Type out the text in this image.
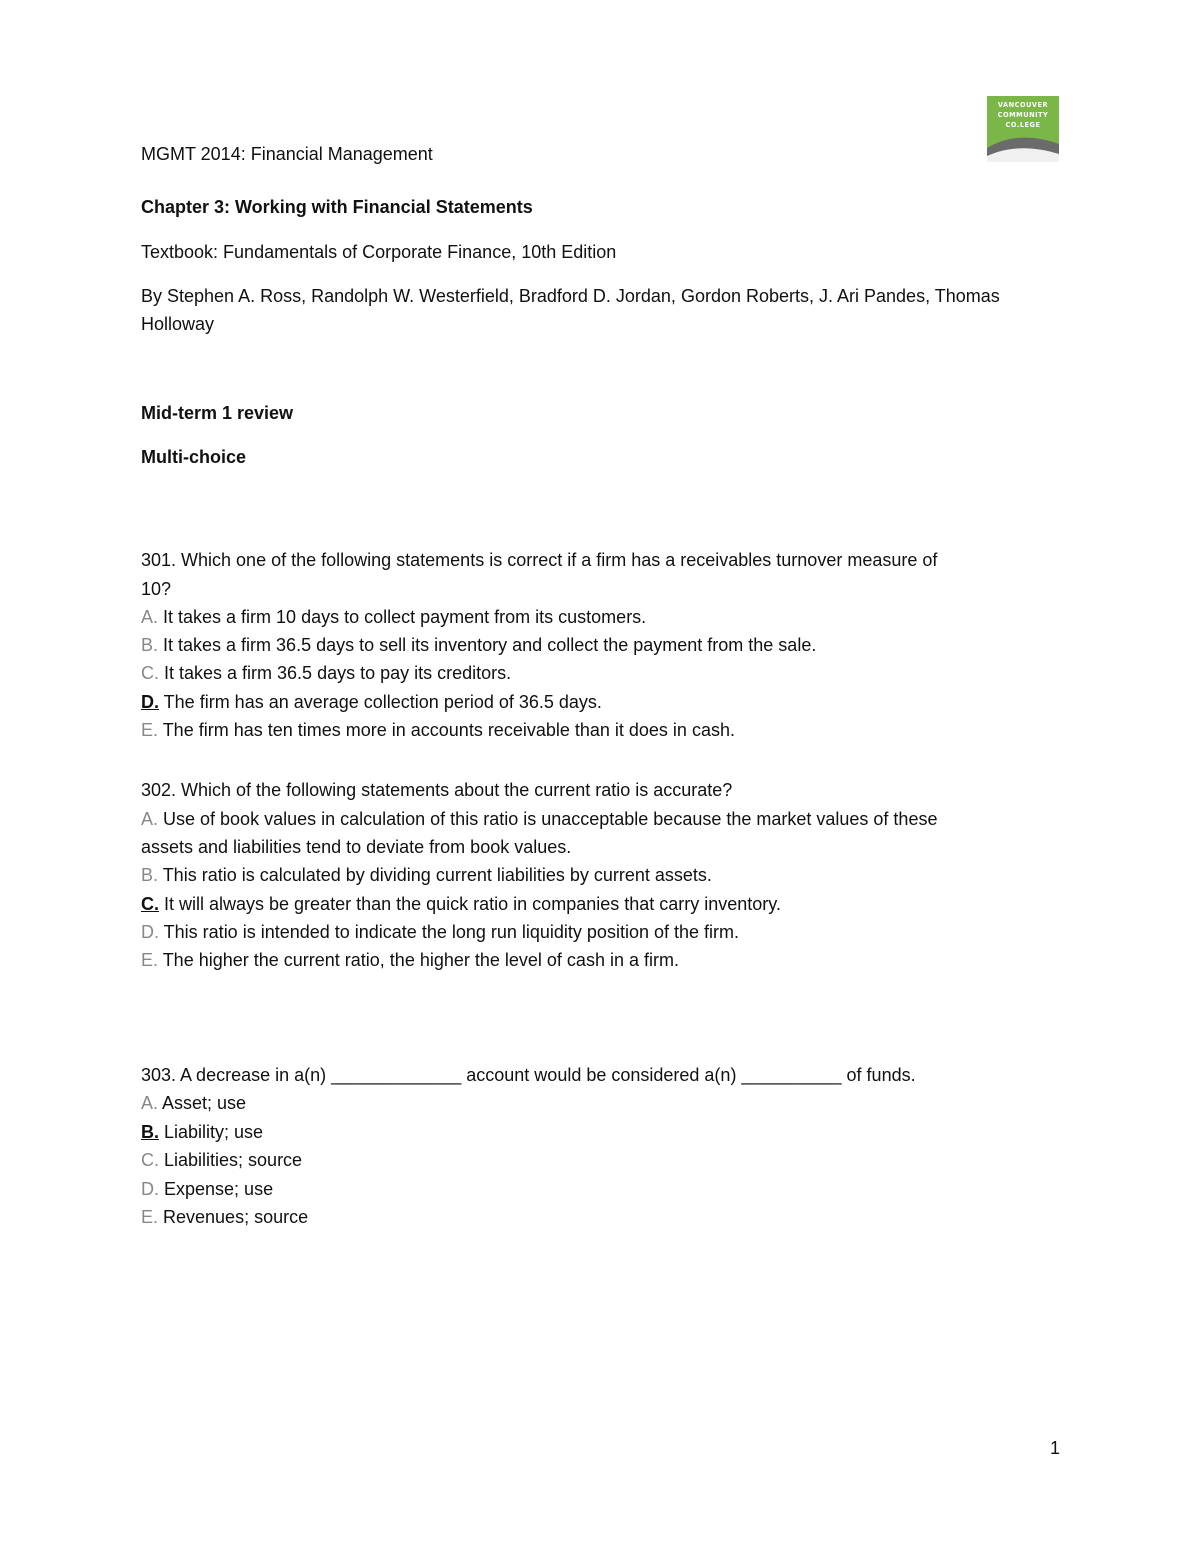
VANCOUVER
COMMUNITY
CO.LEGE
MGMT 2014: Financial Management
Chapter 3: Working with Financial Statements
Textbook: Fundamentals of Corporate Finance, 10th Edition
By Stephen A. Ross, Randolph W. Westerfield, Bradford D. Jordan, Gordon Roberts, J. Ari Pandes, Thomas
Holloway
Mid-term 1 review
Multi-choice
301. Which one of the following statements is correct if a firm has a receivables turnover measure of
10?
A. It takes a firm 10 days to collect payment from its customers.
B. It takes a firm 36.5 days to sell its inventory and collect the payment from the sale.
C. It takes a firm 36.5 days to pay its creditors.
D. The firm has an average collection period of 36.5 days.
E. The firm has ten times more in accounts receivable than it does in cash.
302. Which of the following statements about the current ratio is accurate?
A. Use of book values in calculation of this ratio is unacceptable because the market values of these
assets and liabilities tend to deviate from book values.
B. This ratio is calculated by dividing current liabilities by current assets.
C. It will always be greater than the quick ratio in companies that carry inventory.
D. This ratio is intended to indicate the long run liquidity position of the firm.
E. The higher the current ratio, the higher the level of cash in a firm.
303. A decrease in a(n) _____________ account would be considered a(n) __________ of funds.
A. Asset; use
B. Liability; use
C. Liabilities; source
D. Expense; use
E. Revenues; source
1
